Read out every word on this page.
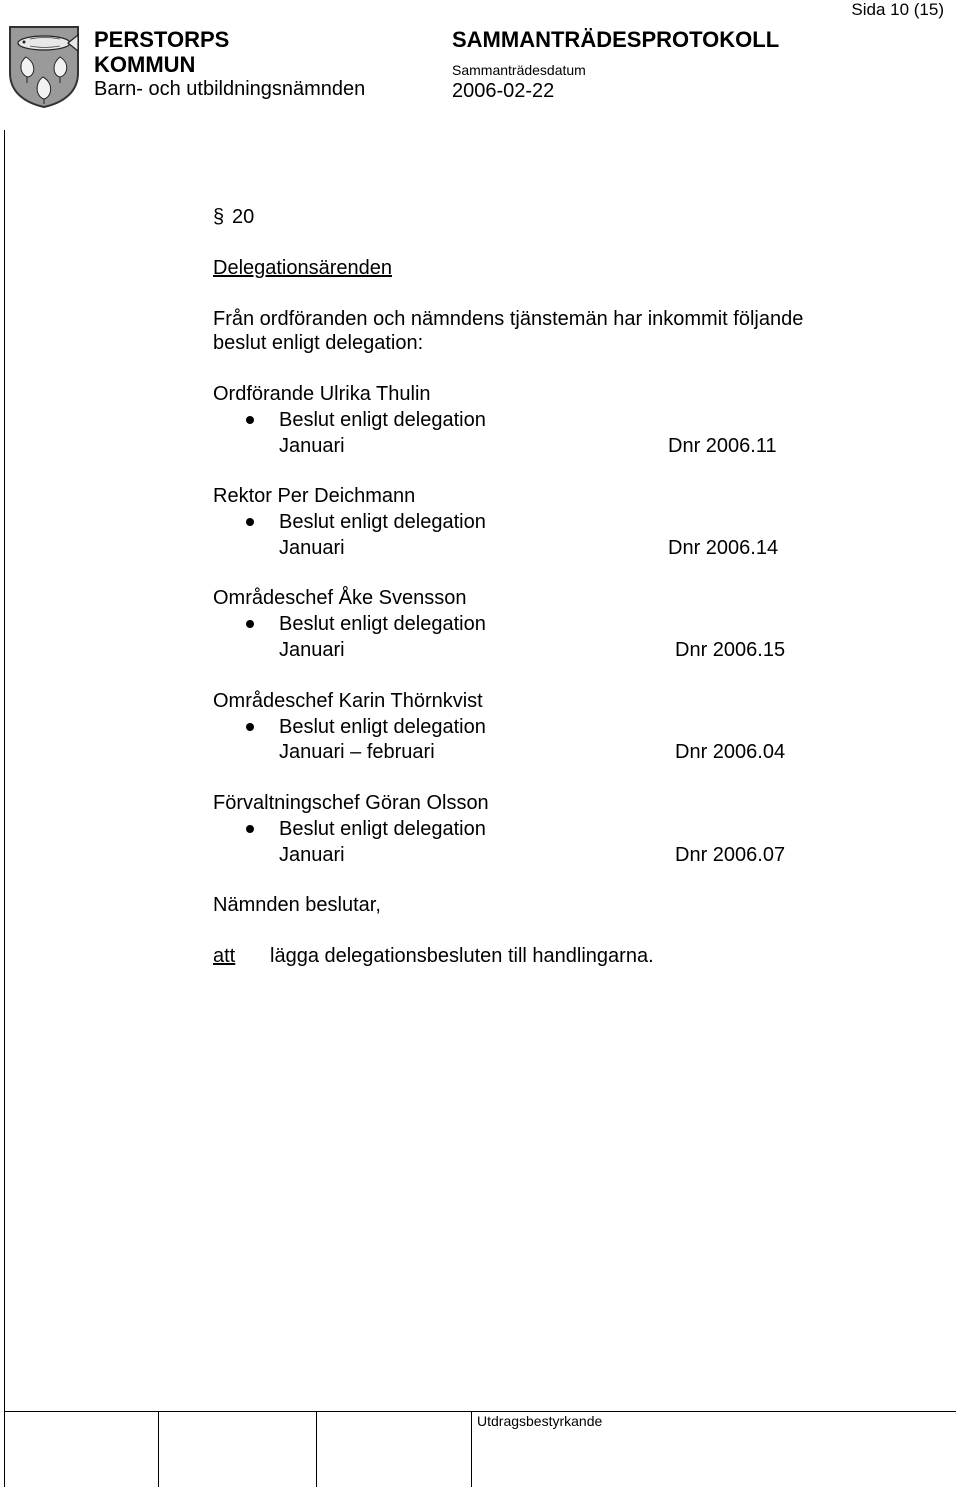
Sida 10 (15)
PERSTORPS
KOMMUN
Barn- och utbildningsnämnden
SAMMANTRÄDESPROTOKOLL
Sammanträdesdatum
2006-02-22
Utdragsbestyrkande
§ 20
Delegationsärenden
Från ordföranden och nämndens tjänstemän har inkommit följande
beslut enligt delegation:
Ordförande Ulrika Thulin
Beslut enligt delegation
Januari	Dnr 2006.11
Rektor Per Deichmann
Beslut enligt delegation
Januari	Dnr 2006.14
Områdeschef Åke Svensson
Beslut enligt delegation
Januari	Dnr 2006.15
Områdeschef Karin Thörnkvist
Beslut enligt delegation
Januari – februari	Dnr 2006.04
Förvaltningschef Göran Olsson
Beslut enligt delegation
Januari	Dnr 2006.07
Nämnden beslutar,
att lägga delegationsbesluten till handlingarna.
